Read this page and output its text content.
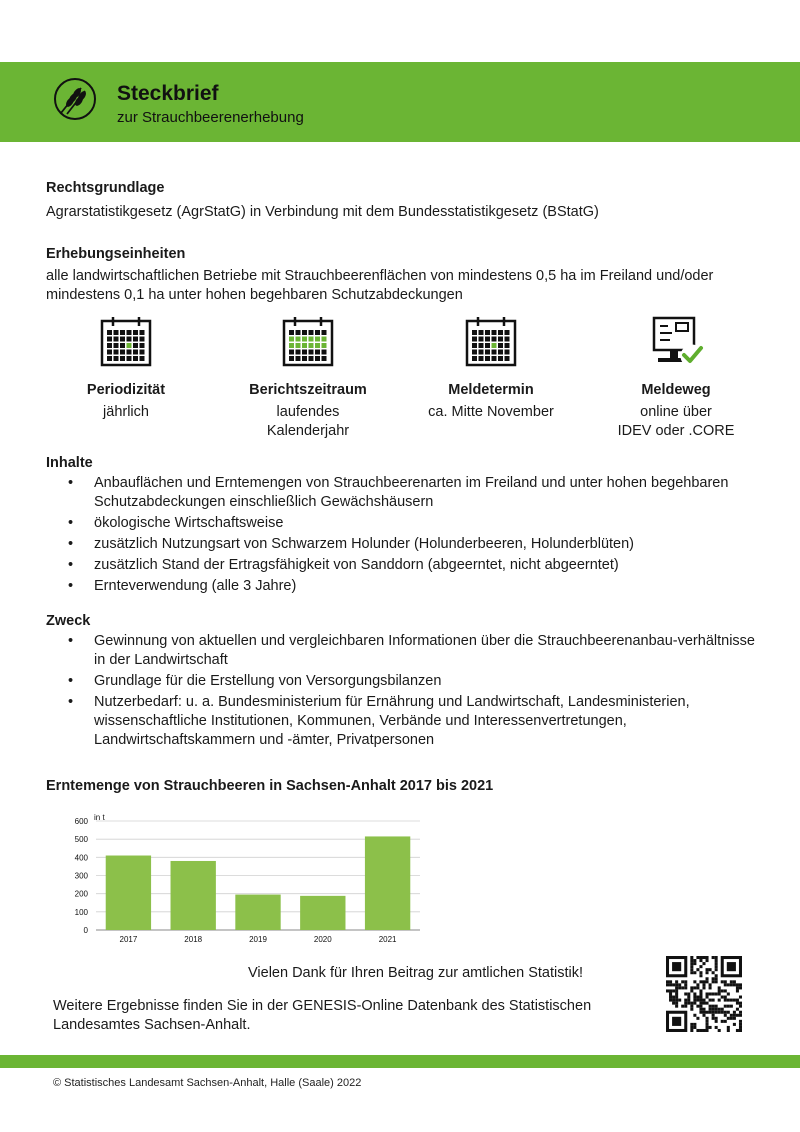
Steckbrief
zur Strauchbeerenerhebung
Rechtsgrundlage
Agrarstatistikgesetz (AgrStatG) in Verbindung mit dem Bundesstatistikgesetz (BStatG)
Erhebungseinheiten
alle landwirtschaftlichen Betriebe mit Strauchbeerenflächen von mindestens 0,5 ha im Freiland und/oder
mindestens 0,1 ha unter hohen begehbaren Schutzabdeckungen
Periodizität
jährlich
Berichtszeitraum
laufendes
Kalenderjahr
Meldetermin
ca. Mitte November
Meldeweg
online über
IDEV oder .CORE
Inhalte
• Anbauflächen und Erntemengen von Strauchbeerenarten im Freiland und unter hohen begehbaren Schutzabdeckungen einschließlich Gewächshäusern
• ökologische Wirtschaftsweise
• zusätzlich Nutzungsart von Schwarzem Holunder (Holunderbeeren, Holunderblüten)
• zusätzlich Stand der Ertragsfähigkeit von Sanddorn (abgeerntet, nicht abgeerntet)
• Ernteverwendung (alle 3 Jahre)
Zweck
• Gewinnung von aktuellen und vergleichbaren Informationen über die Strauchbeerenanbau-verhältnisse in der Landwirtschaft
• Grundlage für die Erstellung von Versorgungsbilanzen
• Nutzerbedarf: u. a. Bundesministerium für Ernährung und Landwirtschaft, Landesministerien, wissenschaftliche Institutionen, Kommunen, Verbände und Interessenvertretungen, Landwirtschaftskammern und -ämter, Privatpersonen
Erntemenge von Strauchbeeren in Sachsen-Anhalt 2017 bis 2021
0
100
200
300
400
500
600 in t
2017	2018	2019	2020	2021
Vielen Dank für Ihren Beitrag zur amtlichen Statistik!
Weitere Ergebnisse finden Sie in der GENESIS-Online Datenbank des Statistischen Landesamtes Sachsen-Anhalt.
© Statistisches Landesamt Sachsen-Anhalt, Halle (Saale) 2022
